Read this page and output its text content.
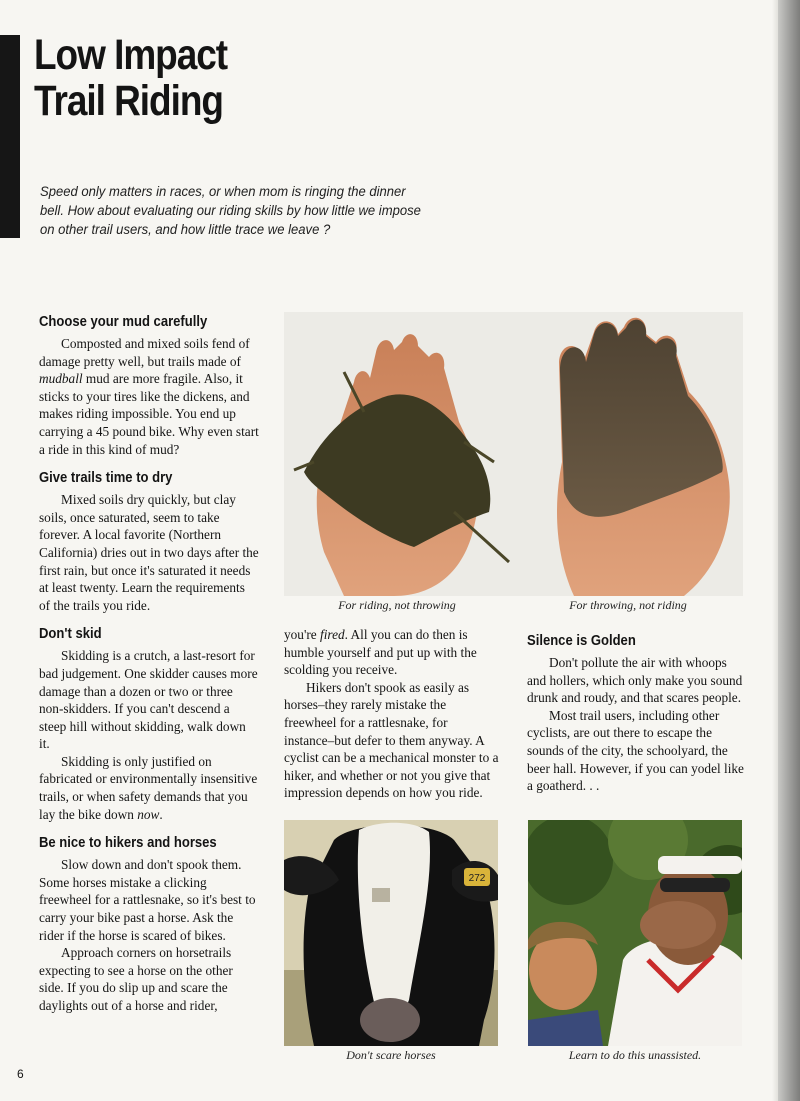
Low Impact
Trail Riding

Speed only matters in races, or when mom is ringing the dinner bell. How about evaluating our riding skills by how little we impose on other trail users, and how little trace we leave ?

Choose your mud carefully

Composted and mixed soils fend of damage pretty well, but trails made of mudball mud are more fragile. Also, it sticks to your tires like the dickens, and makes riding impossible. You end up carrying a 45 pound bike. Why even start a ride in this kind of mud?

Give trails time to dry

Mixed soils dry quickly, but clay soils, once saturated, seem to take forever. A local favorite (Northern California) dries out in two days after the first rain, but once it's saturated it needs at least twenty. Learn the requirements of the trails you ride.

Don't skid

Skidding is a crutch, a last-resort for bad judgement. One skidder causes more damage than a dozen or two or three non-skidders. If you can't descend a steep hill without skidding, walk down it.

Skidding is only justified on fabricated or environmentally insensitive trails, or when safety demands that you lay the bike down now.

Be nice to hikers and horses

Slow down and don't spook them. Some horses mistake a clicking freewheel for a rattlesnake, so it's best to carry your bike past a horse. Ask the rider if the horse is scared of bikes.

Approach corners on horsetrails expecting to see a horse on the other side. If you do slip up and scare the daylights out of a horse and rider,

you're fired. All you can do then is humble yourself and put up with the scolding you receive.

Hikers don't spook as easily as horses–they rarely mistake the freewheel for a rattlesnake, for instance–but defer to them anyway. A cyclist can be a mechanical monster to a hiker, and whether or not you give that impression depends on how you ride.

Silence is Golden

Don't pollute the air with whoops and hollers, which only make you sound drunk and roudy, and that scares people.

Most trail users, including other cyclists, are out there to escape the sounds of the city, the schoolyard, the beer hall. However, if you can yodel like a goatherd. . .

For riding, not throwing	For throwing, not riding
272
Don't scare horses	Learn to do this unassisted.
6
